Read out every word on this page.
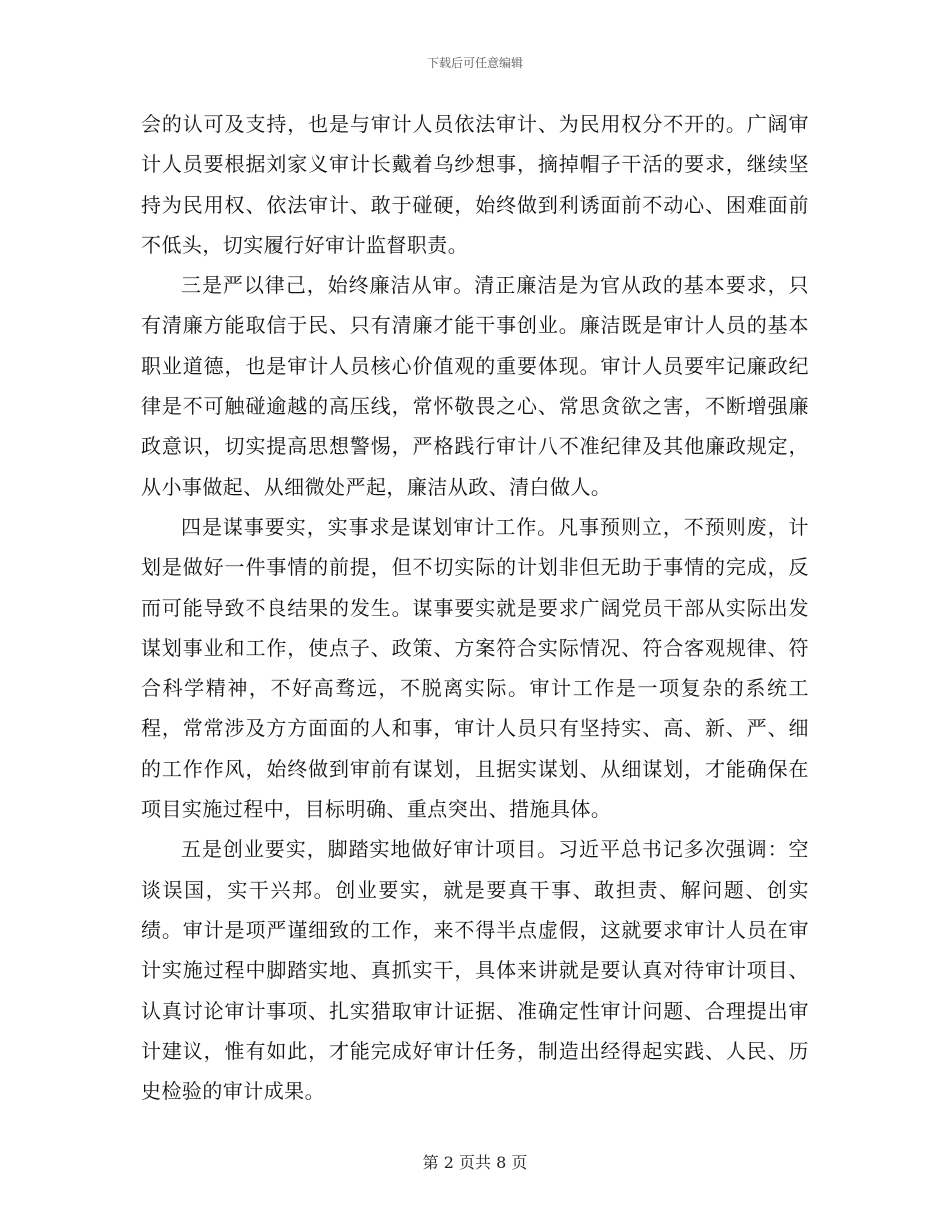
下载后可任意编辑

会的认可及支持，也是与审计人员依法审计、为民用权分不开的。广阔审计人员要根据刘家义审计长戴着乌纱想事，摘掉帽子干活的要求，继续坚持为民用权、依法审计、敢于碰硬，始终做到利诱面前不动心、困难面前不低头，切实履行好审计监督职责。

三是严以律己，始终廉洁从审。清正廉洁是为官从政的基本要求，只有清廉方能取信于民、只有清廉才能干事创业。廉洁既是审计人员的基本职业道德，也是审计人员核心价值观的重要体现。审计人员要牢记廉政纪律是不可触碰逾越的高压线，常怀敬畏之心、常思贪欲之害，不断增强廉政意识，切实提高思想警惕，严格践行审计八不准纪律及其他廉政规定，从小事做起、从细微处严起，廉洁从政、清白做人。

四是谋事要实，实事求是谋划审计工作。凡事预则立，不预则废，计划是做好一件事情的前提，但不切实际的计划非但无助于事情的完成，反而可能导致不良结果的发生。谋事要实就是要求广阔党员干部从实际出发谋划事业和工作，使点子、政策、方案符合实际情况、符合客观规律、符合科学精神，不好高骛远，不脱离实际。审计工作是一项复杂的系统工程，常常涉及方方面面的人和事，审计人员只有坚持实、高、新、严、细的工作作风，始终做到审前有谋划，且据实谋划、从细谋划，才能确保在项目实施过程中，目标明确、重点突出、措施具体。

五是创业要实，脚踏实地做好审计项目。习近平总书记多次强调：空谈误国，实干兴邦。创业要实，就是要真干事、敢担责、解问题、创实绩。审计是项严谨细致的工作，来不得半点虚假，这就要求审计人员在审计实施过程中脚踏实地、真抓实干，具体来讲就是要认真对待审计项目、认真讨论审计事项、扎实猎取审计证据、准确定性审计问题、合理提出审计建议，惟有如此，才能完成好审计任务，制造出经得起实践、人民、历史检验的审计成果。

第 2 页共 8 页
